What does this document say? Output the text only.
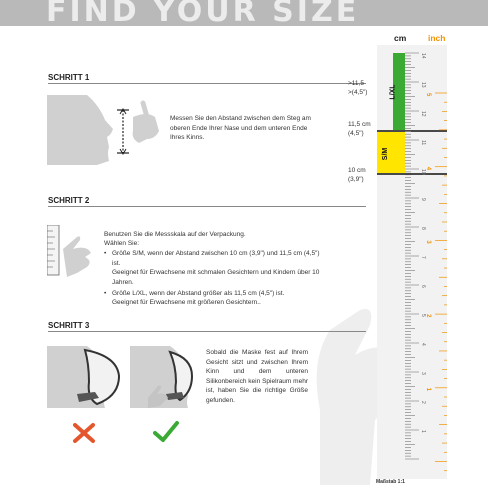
FIND YOUR SIZE
SCHRITT 1
Messen Sie den Abstand zwischen dem Steg am oberen Ende Ihrer Nase und dem unteren Ende Ihres Kinns.
SCHRITT 2
Benutzen Sie die Messskala auf der Verpackung.
Wählen Sie:
• Größe S/M, wenn der Abstand zwischen 10 cm (3,9") und 11,5 cm (4,5") ist.
Geeignet für Erwachsene mit schmalen Gesichtern und Kindern über 10 Jahren.
• Größe L/XL, wenn der Abstand größer als 11,5 cm (4,5") ist.
Geeignet für Erwachsene mit größeren Gesichtern..
SCHRITT 3
Sobald die Maske fest auf Ihrem Gesicht sitzt und zwischen Ihrem Kinn und dem unteren Silikonbereich kein Spielraum mehr ist, haben Sie die richtige Größe gefunden.
cm	inch
14
13
12
11
10
9
8
7
6
5
4
3
2
1
5
4
3
2
1
L/XL
S/M
>11,5
>(4,5")
11,5 cm
(4,5")
10 cm
(3,9")
Maßstab 1:1
